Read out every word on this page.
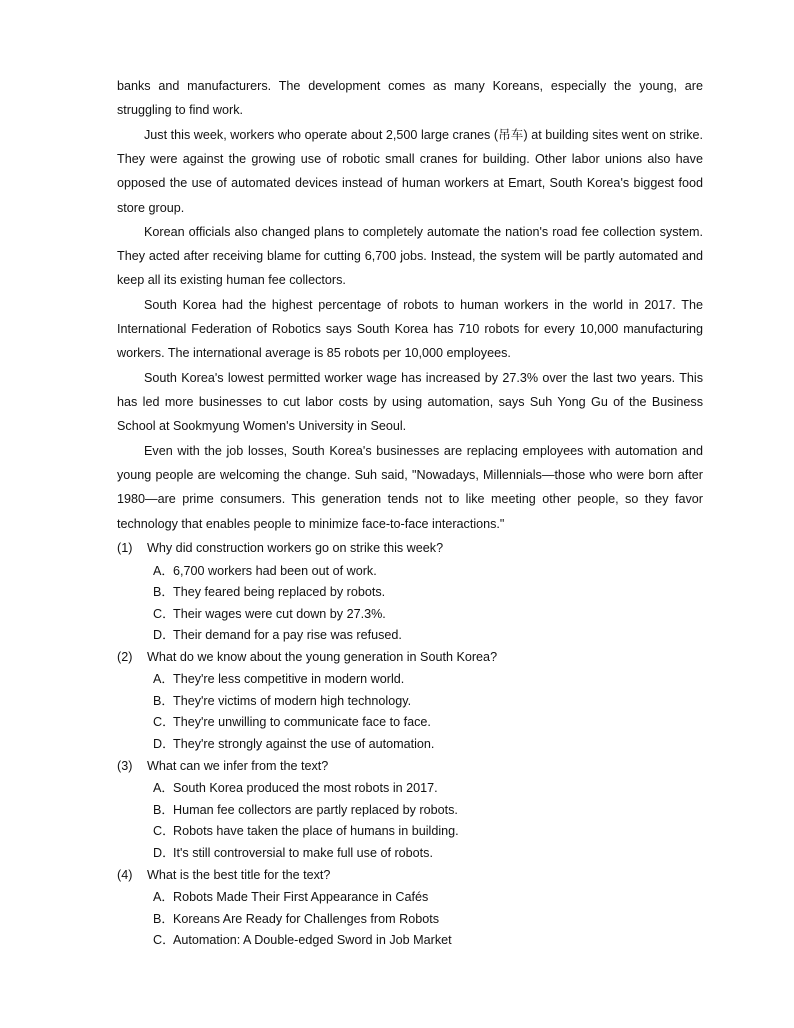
banks and manufacturers. The development comes as many Koreans, especially the young, are struggling to find work.

Just this week, workers who operate about 2,500 large cranes (吊车) at building sites went on strike. They were against the growing use of robotic small cranes for building. Other labor unions also have opposed the use of automated devices instead of human workers at Emart, South Korea's biggest food store group.

Korean officials also changed plans to completely automate the nation's road fee collection system. They acted after receiving blame for cutting 6,700 jobs. Instead, the system will be partly automated and keep all its existing human fee collectors.

South Korea had the highest percentage of robots to human workers in the world in 2017. The International Federation of Robotics says South Korea has 710 robots for every 10,000 manufacturing workers. The international average is 85 robots per 10,000 employees.

South Korea's lowest permitted worker wage has increased by 27.3% over the last two years. This has led more businesses to cut labor costs by using automation, says Suh Yong Gu of the Business School at Sookmyung Women's University in Seoul.

Even with the job losses, South Korea's businesses are replacing employees with automation and young people are welcoming the change. Suh said, "Nowadays, Millennials—those who were born after 1980—are prime consumers. This generation tends not to like meeting other people, so they favor technology that enables people to minimize face-to-face interactions."

(1) Why did construction workers go on strike this week?

A．6,700 workers had been out of work.

B．They feared being replaced by robots.

C．Their wages were cut down by 27.3%.

D．Their demand for a pay rise was refused.

(2) What do we know about the young generation in South Korea?

A．They're less competitive in modern world.

B．They're victims of modern high technology.

C．They're unwilling to communicate face to face.

D．They're strongly against the use of automation.

(3) What can we infer from the text?

A．South Korea produced the most robots in 2017.

B．Human fee collectors are partly replaced by robots.

C．Robots have taken the place of humans in building.

D．It's still controversial to make full use of robots.

(4) What is the best title for the text?

A．Robots Made Their First Appearance in Cafés

B．Koreans Are Ready for Challenges from Robots

C．Automation: A Double-edged Sword in Job Market
